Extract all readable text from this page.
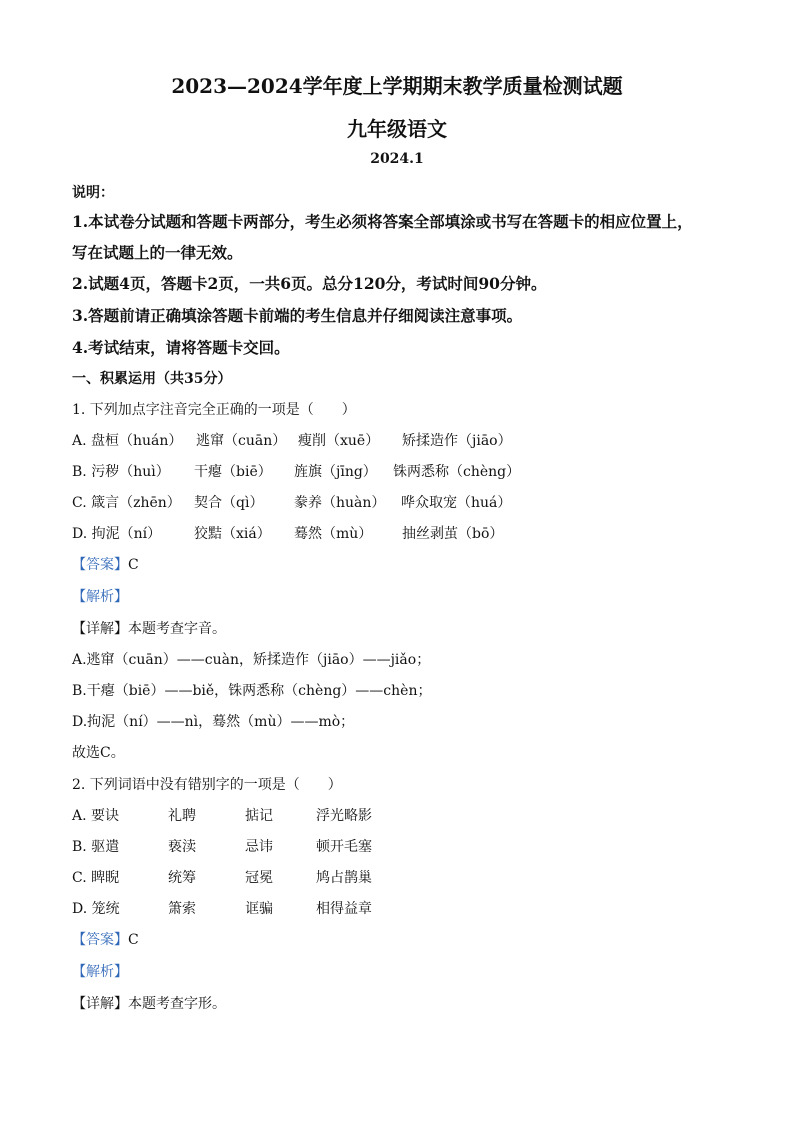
2023—2024学年度上学期期末教学质量检测试题
九年级语文
2024.1
说明：
1.本试卷分试题和答题卡两部分，考生必须将答案全部填涂或书写在答题卡的相应位置上，
写在试题上的一律无效。
2.试题4页，答题卡2页，一共6页。总分120分，考试时间90分钟。
3.答题前请正确填涂答题卡前端的考生信息并仔细阅读注意事项。
4.考试结束，请将答题卡交回。
一、积累运用（共35分）
1. 下列加点字注音完全正确的一项是（　　）
A. 盘桓（huán） 逃窜（cuān） 瘦削（xuē） 矫揉造作（jiāo）
B. 污秽（huì） 干瘪（biē） 旌旗（jīng） 铢两悉称（chèng）
C. 箴言（zhēn） 契合（qì） 豢养（huàn） 哗众取宠（huá）
D. 拘泥（ní） 狡黠（xiá） 蓦然（mù） 抽丝剥茧（bō）
【答案】C
【解析】
【详解】本题考查字音。
A.逃窜（cuān）——cuàn，矫揉造作（jiāo）——jiǎo；
B.干瘪（biē）——biě，铢两悉称（chèng）——chèn；
D.拘泥（ní）——nì，蓦然（mù）——mò；
故选C。
2. 下列词语中没有错别字的一项是（　　）
A. 要诀	礼聘	掂记	浮光略影
B. 驱遣	亵渎	忌讳	顿开毛塞
C. 睥睨	统筹	冠冕	鸠占鹊巢
D. 笼统	箫索	诓骗	相得益章
【答案】C
【解析】
【详解】本题考查字形。
